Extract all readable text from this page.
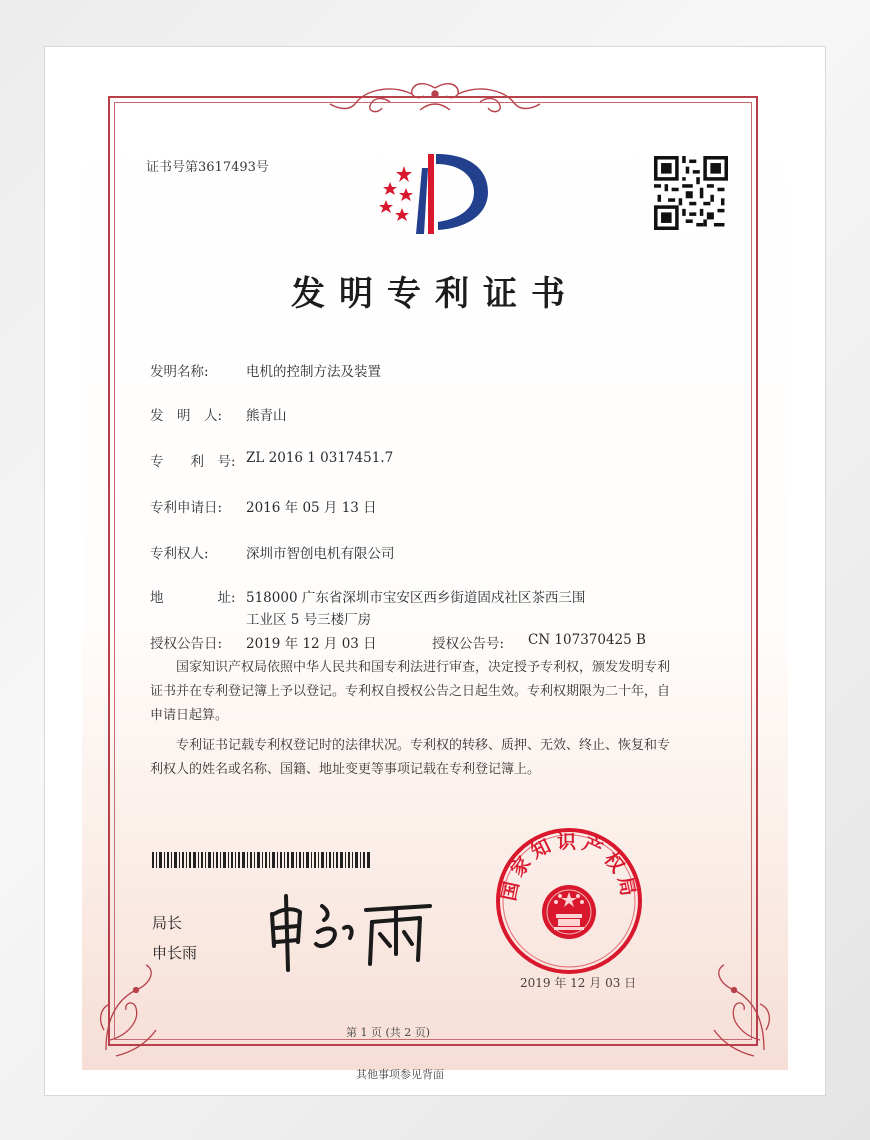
证书号第3617493号
发明专利证书
发明名称:	电机的控制方法及装置
发　明　人: 熊青山
专　　利　号: ZL 2016 1 0317451.7
专利申请日: 2016 年 05 月 13 日
专利权人:	深圳市智创电机有限公司
地　　　　址: 518000 广东省深圳市宝安区西乡街道固戍社区茶西三围
工业区 5 号三楼厂房
授权公告日: 2019 年 12 月 03 日	授权公告号: CN 107370425 B
国家知识产权局依照中华人民共和国专利法进行审查，决定授予专利权，颁发发明专利
证书并在专利登记簿上予以登记。专利权自授权公告之日起生效。专利权期限为二十年，自
申请日起算。
专利证书记载专利权登记时的法律状况。专利权的转移、质押、无效、终止、恢复和专
利权人的姓名或名称、国籍、地址变更等事项记载在专利登记簿上。
局长
申长雨
国家知识产权局
2019 年 12 月 03 日
第 1 页 (共 2 页)
其他事项参见背面
